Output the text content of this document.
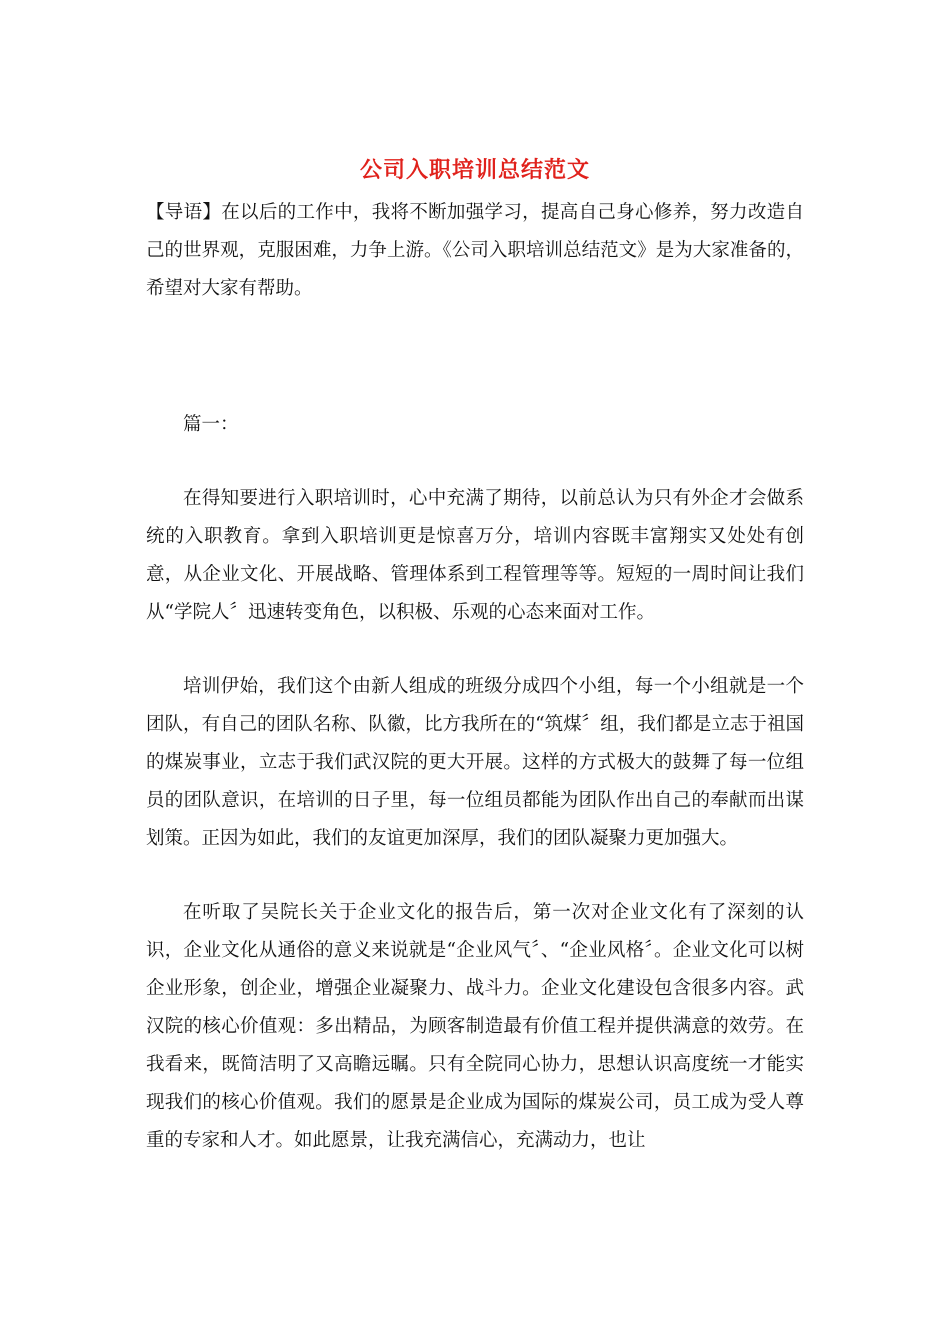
公司入职培训总结范文

【导语】在以后的工作中，我将不断加强学习，提高自己身心修养，努力改造自己的世界观，克服困难，力争上游。《公司入职培训总结范文》是为大家准备的，希望对大家有帮助。

篇一：

在得知要进行入职培训时，心中充满了期待，以前总认为只有外企才会做系统的入职教育。拿到入职培训更是惊喜万分，培训内容既丰富翔实又处处有创意，从企业文化、开展战略、管理体系到工程管理等等。短短的一周时间让我们从“学院人〞迅速转变角色，以积极、乐观的心态来面对工作。

培训伊始，我们这个由新人组成的班级分成四个小组，每一个小组就是一个团队，有自己的团队名称、队徽，比方我所在的“筑煤〞组，我们都是立志于祖国的煤炭事业，立志于我们武汉院的更大开展。这样的方式极大的鼓舞了每一位组员的团队意识，在培训的日子里，每一位组员都能为团队作出自己的奉献而出谋划策。正因为如此，我们的友谊更加深厚，我们的团队凝聚力更加强大。

在听取了吴院长关于企业文化的报告后，第一次对企业文化有了深刻的认识，企业文化从通俗的意义来说就是“企业风气〞、“企业风格〞。企业文化可以树企业形象，创企业，增强企业凝聚力、战斗力。企业文化建设包含很多内容。武汉院的核心价值观：多出精品，为顾客制造最有价值工程并提供满意的效劳。在我看来，既简洁明了又高瞻远瞩。只有全院同心协力，思想认识高度统一才能实现我们的核心价值观。我们的愿景是企业成为国际的煤炭公司，员工成为受人尊重的专家和人才。如此愿景，让我充满信心，充满动力，也让
